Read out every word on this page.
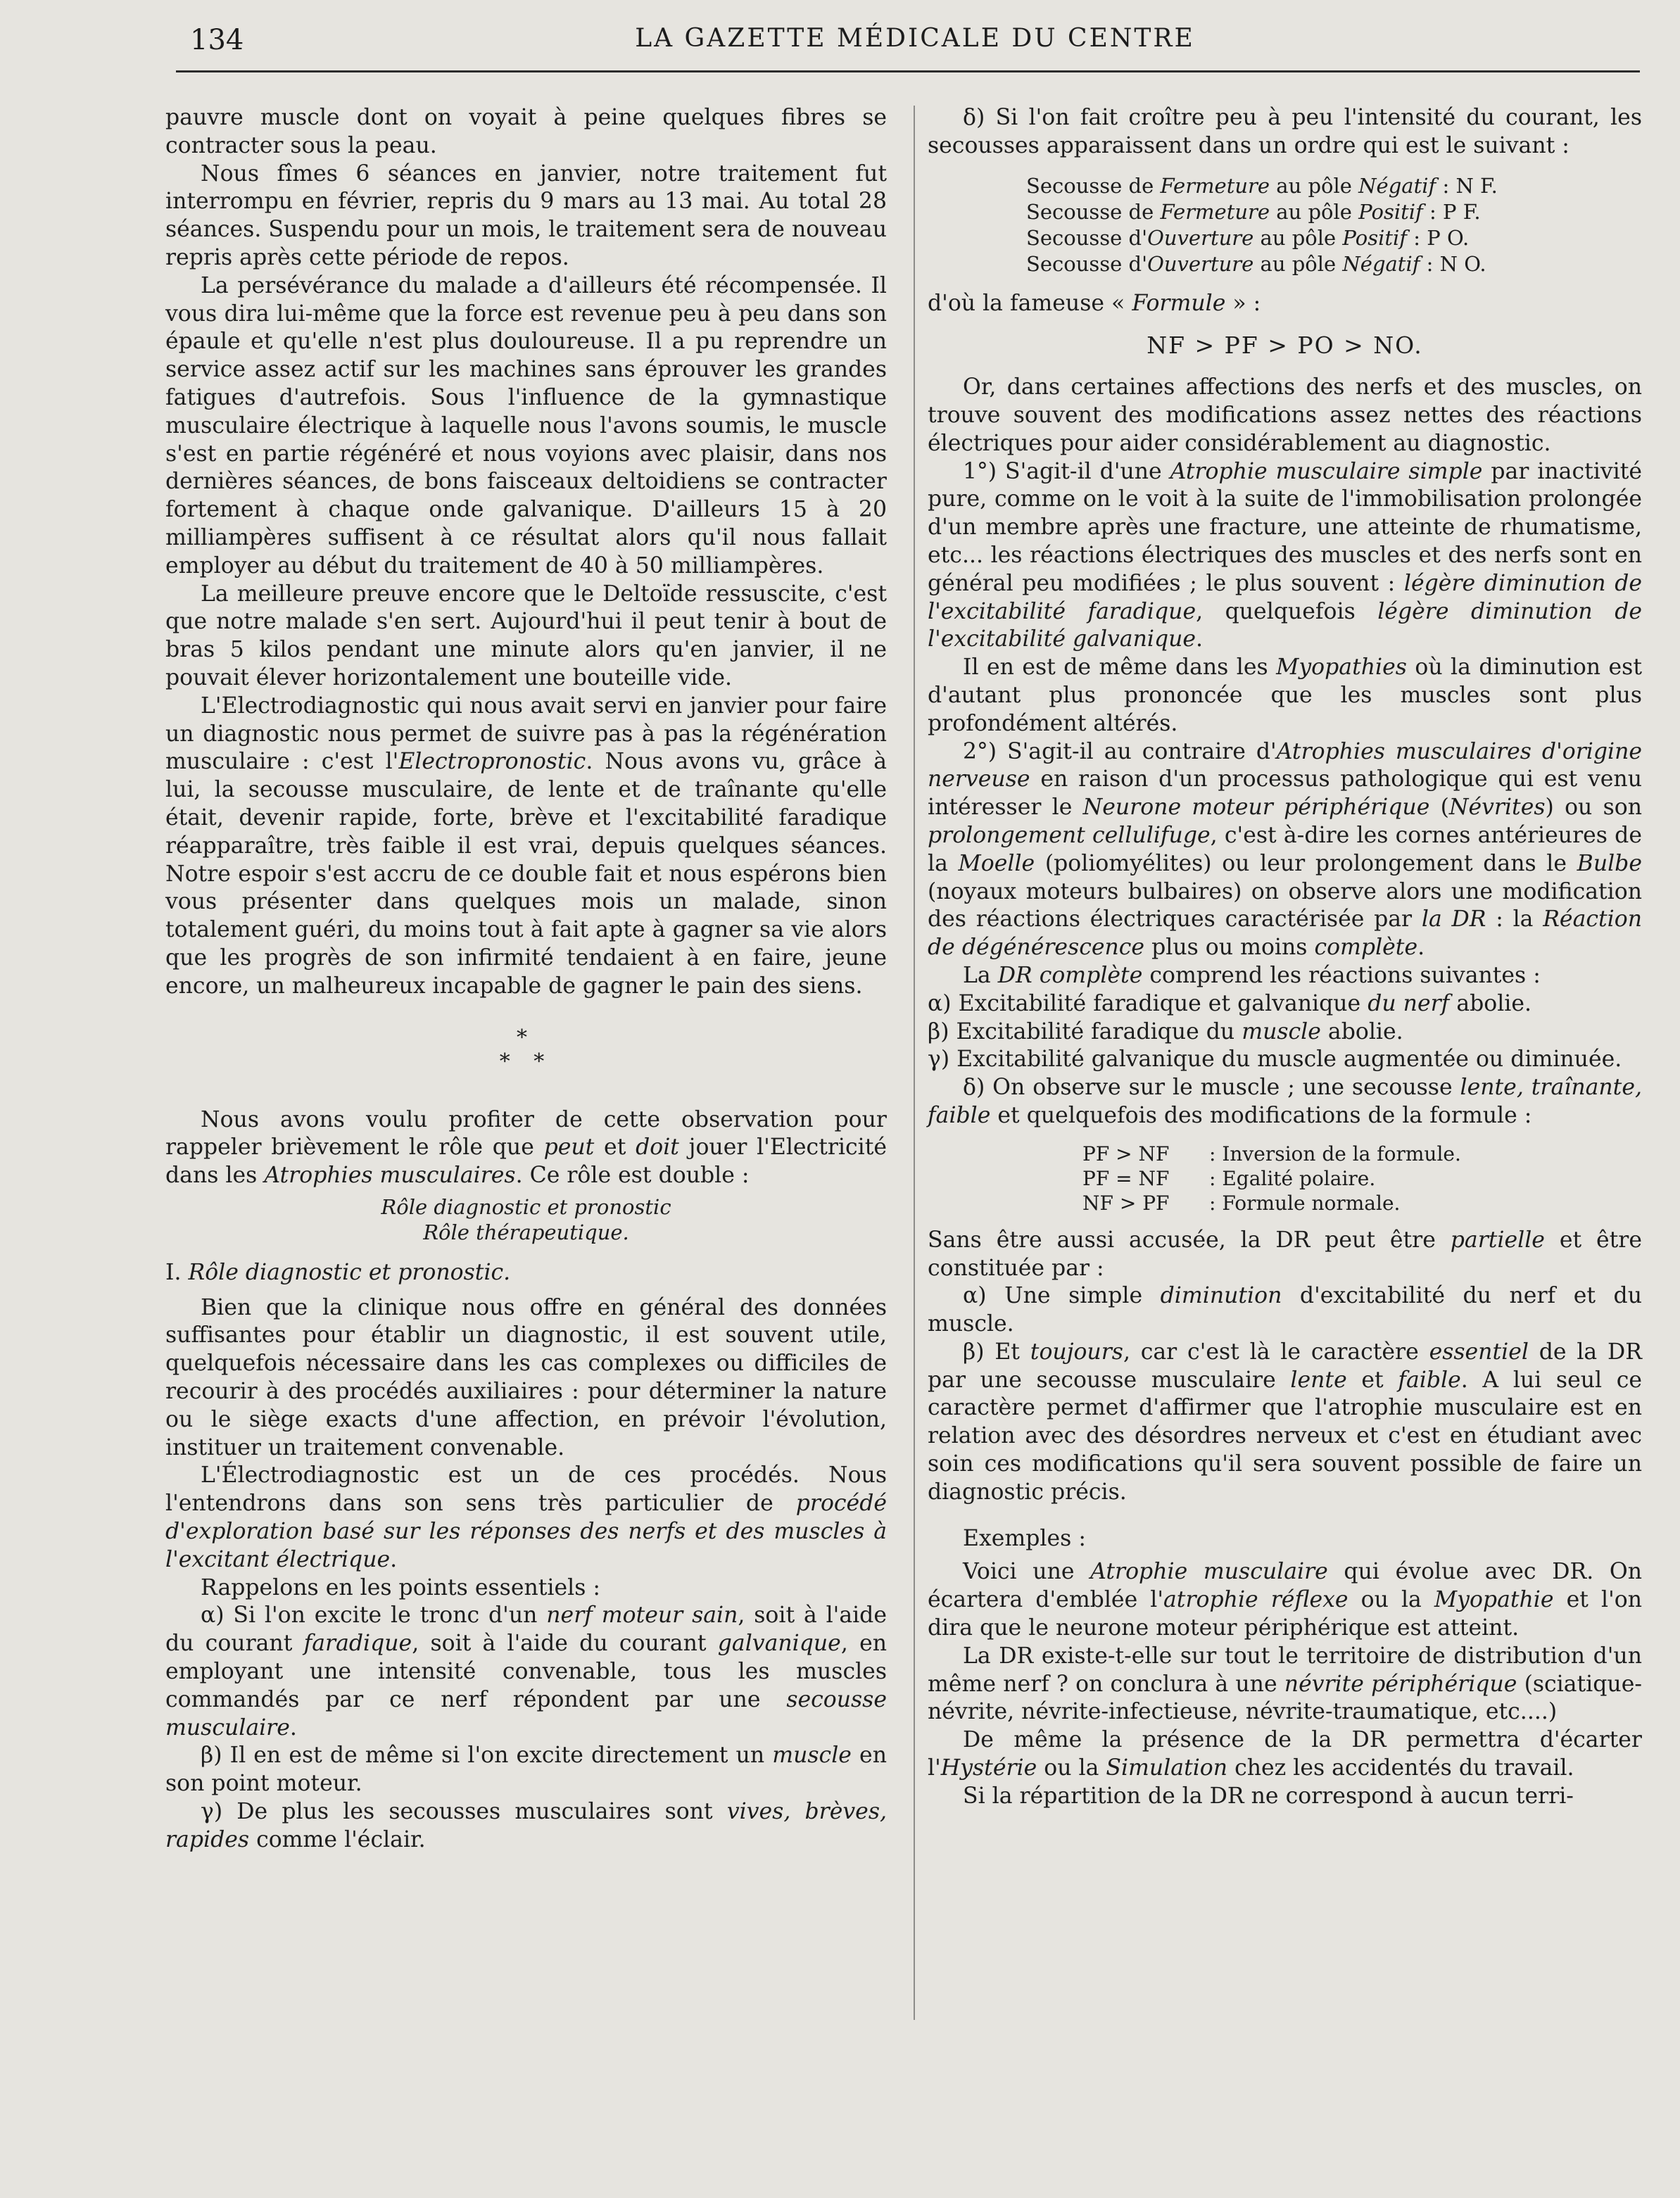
134	LA GAZETTE MÉDICALE DU CENTRE

pauvre muscle dont on voyait à peine quelques fibres se contracter sous la peau.

Nous fîmes 6 séances en janvier, notre traitement fut interrompu en février, repris du 9 mars au 13 mai. Au total 28 séances. Suspendu pour un mois, le traitement sera de nouveau repris après cette période de repos.

La persévérance du malade a d'ailleurs été récompensée. Il vous dira lui-même que la force est revenue peu à peu dans son épaule et qu'elle n'est plus douloureuse. Il a pu reprendre un service assez actif sur les machines sans éprouver les grandes fatigues d'autrefois. Sous l'influence de la gymnastique musculaire électrique à laquelle nous l'avons soumis, le muscle s'est en partie régénéré et nous voyions avec plaisir, dans nos dernières séances, de bons faisceaux deltoidiens se contracter fortement à chaque onde galvanique. D'ailleurs 15 à 20 milliampères suffisent à ce résultat alors qu'il nous fallait employer au début du traitement de 40 à 50 milliampères.

La meilleure preuve encore que le Deltoïde ressuscite, c'est que notre malade s'en sert. Aujourd'hui il peut tenir à bout de bras 5 kilos pendant une minute alors qu'en janvier, il ne pouvait élever horizontalement une bouteille vide.

L'Electrodiagnostic qui nous avait servi en janvier pour faire un diagnostic nous permet de suivre pas à pas la régénération musculaire : c'est l'Electropronostic. Nous avons vu, grâce à lui, la secousse musculaire, de lente et de traînante qu'elle était, devenir rapide, forte, brève et l'excitabilité faradique réapparaître, très faible il est vrai, depuis quelques séances. Notre espoir s'est accru de ce double fait et nous espérons bien vous présenter dans quelques mois un malade, sinon totalement guéri, du moins tout à fait apte à gagner sa vie alors que les progrès de son infirmité tendaient à en faire, jeune encore, un malheureux incapable de gagner le pain des siens.

*
* *

Nous avons voulu profiter de cette observation pour rappeler brièvement le rôle que peut et doit jouer l'Electricité dans les Atrophies musculaires. Ce rôle est double :

Rôle diagnostic et pronostic
Rôle thérapeutique.
I. Rôle diagnostic et pronostic.

Bien que la clinique nous offre en général des données suffisantes pour établir un diagnostic, il est souvent utile, quelquefois nécessaire dans les cas complexes ou difficiles de recourir à des procédés auxiliaires : pour déterminer la nature ou le siège exacts d'une affection, en prévoir l'évolution, instituer un traitement convenable.

L'Électrodiagnostic est un de ces procédés. Nous l'entendrons dans son sens très particulier de procédé d'exploration basé sur les réponses des nerfs et des muscles à l'excitant électrique.

Rappelons en les points essentiels :

α) Si l'on excite le tronc d'un nerf moteur sain, soit à l'aide du courant faradique, soit à l'aide du courant galvanique, en employant une intensité convenable, tous les muscles commandés par ce nerf répondent par une secousse musculaire.

β) Il en est de même si l'on excite directement un muscle en son point moteur.

γ) De plus les secousses musculaires sont vives, brèves, rapides comme l'éclair.

δ) Si l'on fait croître peu à peu l'intensité du courant, les secousses apparaissent dans un ordre qui est le suivant :

Secousse de Fermeture au pôle Négatif : N F.
Secousse de Fermeture au pôle Positif : P F.
Secousse d'Ouverture au pôle Positif : P O.
Secousse d'Ouverture au pôle Négatif : N O.

d'où la fameuse « Formule » :

NF > PF > PO > NO.

Or, dans certaines affections des nerfs et des muscles, on trouve souvent des modifications assez nettes des réactions électriques pour aider considérablement au diagnostic.

1°) S'agit-il d'une Atrophie musculaire simple par inactivité pure, comme on le voit à la suite de l'immobilisation prolongée d'un membre après une fracture, une atteinte de rhumatisme, etc... les réactions électriques des muscles et des nerfs sont en général peu modifiées ; le plus souvent : légère diminution de l'excitabilité faradique, quelquefois légère diminution de l'excitabilité galvanique.

Il en est de même dans les Myopathies où la diminution est d'autant plus prononcée que les muscles sont plus profondément altérés.

2°) S'agit-il au contraire d'Atrophies musculaires d'origine nerveuse en raison d'un processus pathologique qui est venu intéresser le Neurone moteur périphérique (Névrites) ou son prolongement cellulifuge, c'est à-dire les cornes antérieures de la Moelle (poliomyélites) ou leur prolongement dans le Bulbe (noyaux moteurs bulbaires) on observe alors une modification des réactions électriques caractérisée par la DR : la Réaction de dégénérescence plus ou moins complète.

La DR complète comprend les réactions suivantes :

α) Excitabilité faradique et galvanique du nerf abolie.

β) Excitabilité faradique du muscle abolie.

γ) Excitabilité galvanique du muscle augmentée ou diminuée.

δ) On observe sur le muscle ; une secousse lente, traînante, faible et quelquefois des modifications de la formule :

PF > NF	: Inversion de la formule.
PF = NF	: Egalité polaire.
NF > PF	: Formule normale.

Sans être aussi accusée, la DR peut être partielle et être constituée par :

α) Une simple diminution d'excitabilité du nerf et du muscle.

β) Et toujours, car c'est là le caractère essentiel de la DR par une secousse musculaire lente et faible. A lui seul ce caractère permet d'affirmer que l'atrophie musculaire est en relation avec des désordres nerveux et c'est en étudiant avec soin ces modifications qu'il sera souvent possible de faire un diagnostic précis.

Exemples :

Voici une Atrophie musculaire qui évolue avec DR. On écartera d'emblée l'atrophie réflexe ou la Myopathie et l'on dira que le neurone moteur périphérique est atteint.

La DR existe-t-elle sur tout le territoire de distribution d'un même nerf ? on conclura à une névrite périphérique (sciatique-névrite, névrite-infectieuse, névrite-traumatique, etc....)

De même la présence de la DR permettra d'écarter l'Hystérie ou la Simulation chez les accidentés du travail.

Si la répartition de la DR ne correspond à aucun terri-
